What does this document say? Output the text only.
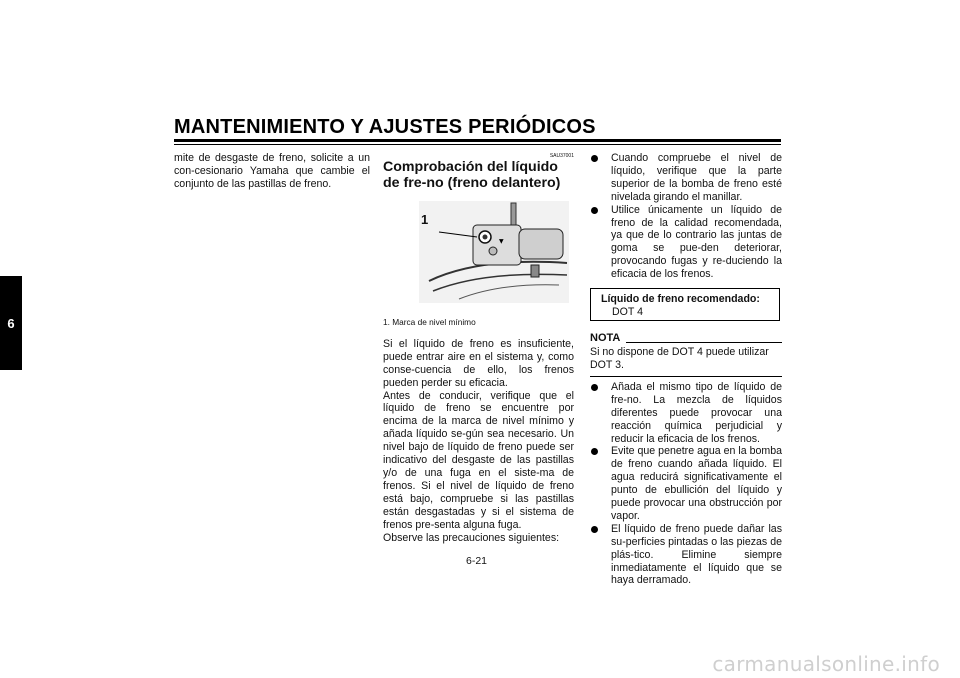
MANTENIMIENTO Y AJUSTES PERIÓDICOS
6

mite de desgaste de freno, solicite a un con-cesionario Yamaha que cambie el conjunto de las pastillas de freno.

SAU37001
Comprobación del líquido de fre-no (freno delantero)
▼
1
1. Marca de nivel mínimo

Si el líquido de freno es insuficiente, puede entrar aire en el sistema y, como conse-cuencia de ello, los frenos pueden perder su eficacia.

Antes de conducir, verifique que el líquido de freno se encuentre por encima de la marca de nivel mínimo y añada líquido se-gún sea necesario. Un nivel bajo de líquido de freno puede ser indicativo del desgaste de las pastillas y/o de una fuga en el siste-ma de frenos. Si el nivel de líquido de freno está bajo, compruebe si las pastillas están desgastadas y si el sistema de frenos pre-senta alguna fuga.

Observe las precauciones siguientes:

Cuando compruebe el nivel de líquido, verifique que la parte superior de la bomba de freno esté nivelada girando el manillar.
Utilice únicamente un líquido de freno de la calidad recomendada, ya que de lo contrario las juntas de goma se pue-den deteriorar, provocando fugas y re-duciendo la eficacia de los frenos.
Líquido de freno recomendado:
DOT 4
NOTA
Si no dispone de DOT 4 puede utilizar DOT 3.
Añada el mismo tipo de líquido de fre-no. La mezcla de líquidos diferentes puede provocar una reacción química perjudicial y reducir la eficacia de los frenos.
Evite que penetre agua en la bomba de freno cuando añada líquido. El agua reducirá significativamente el punto de ebullición del líquido y puede provocar una obstrucción por vapor.
El líquido de freno puede dañar las su-perficies pintadas o las piezas de plás-tico. Elimine siempre inmediatamente el líquido que se haya derramado.
6-21
carmanualsonline.info
